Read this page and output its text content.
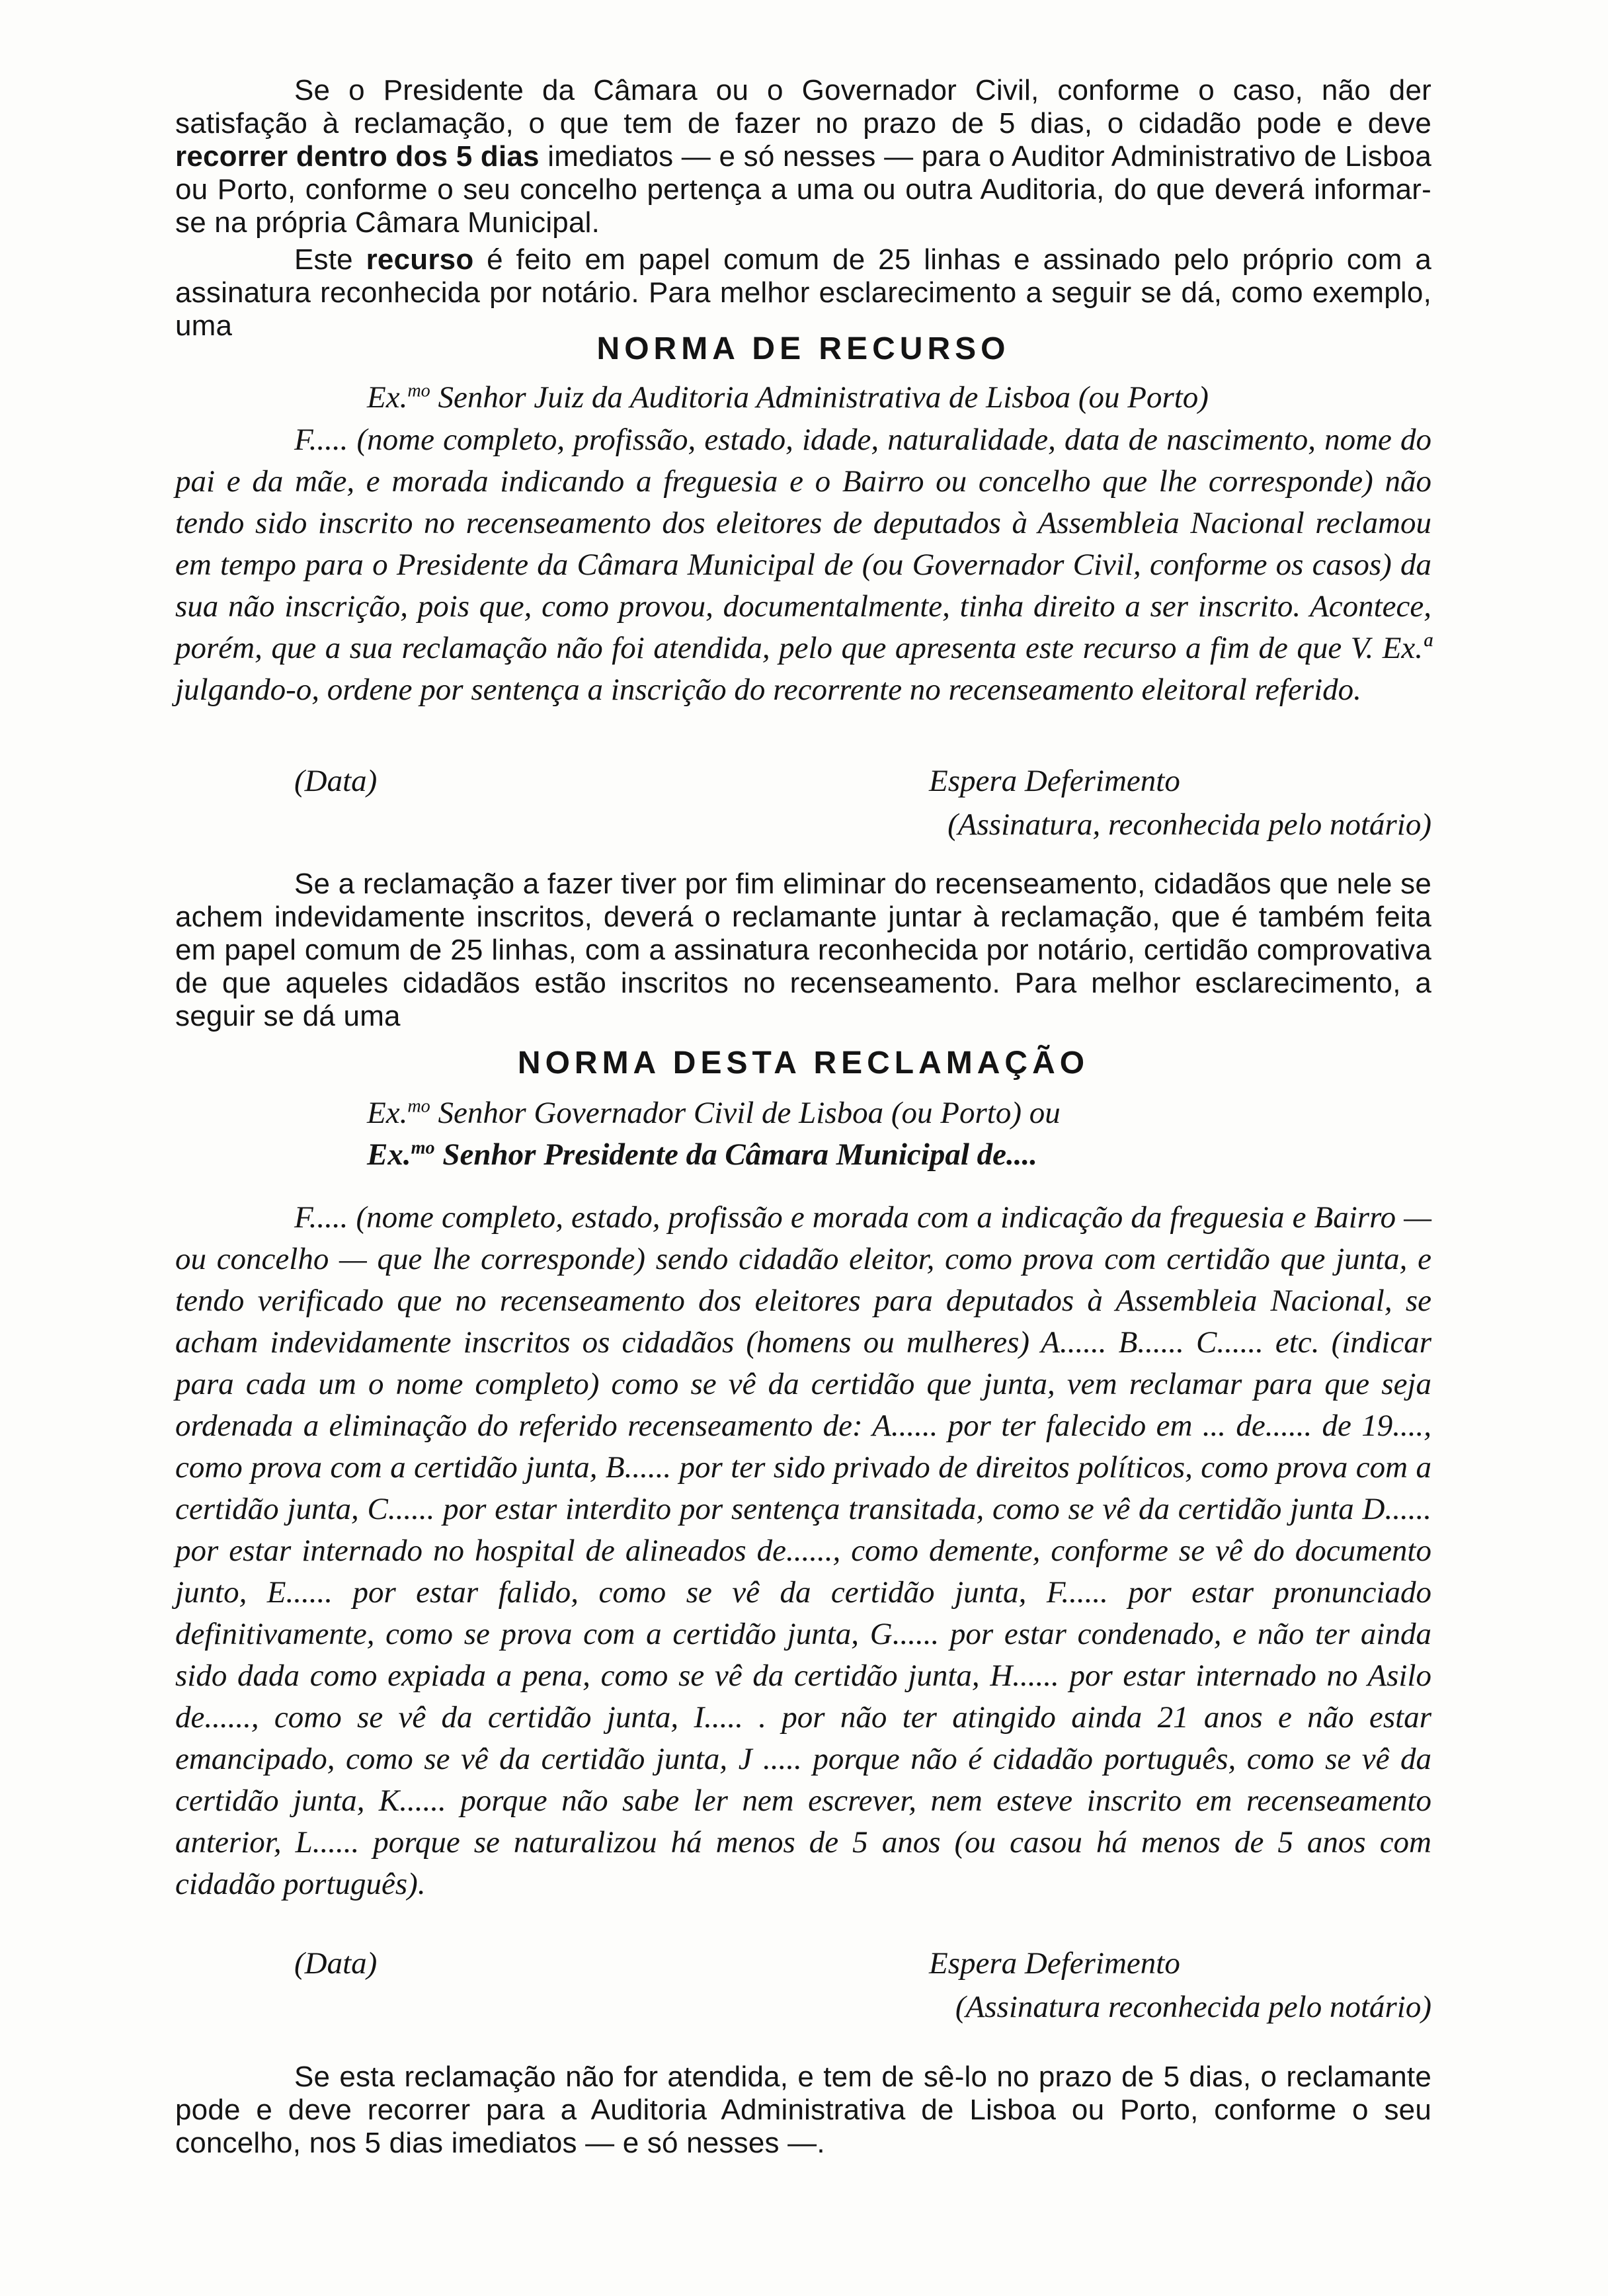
Se o Presidente da Câmara ou o Governador Civil, conforme o caso, não der satisfação à reclamação, o que tem de fazer no prazo de 5 dias, o cidadão pode e deve recorrer dentro dos 5 dias imediatos — e só nesses — para o Auditor Administrativo de Lisboa ou Porto, conforme o seu concelho pertença a uma ou outra Auditoria, do que deverá informar-se na própria Câmara Municipal.

Este recurso é feito em papel comum de 25 linhas e assinado pelo próprio com a assinatura reconhecida por notário. Para melhor esclarecimento a seguir se dá, como exemplo, uma

NORMA DE RECURSO

Ex.$^{mo}$ Senhor Juiz da Auditoria Administrativa de Lisboa (ou Porto)

F..... (nome completo, profissão, estado, idade, naturalidade, data de nascimento, nome do pai e da mãe, e morada indicando a freguesia e o Bairro ou concelho que lhe corresponde) não tendo sido inscrito no recenseamento dos eleitores de deputados à Assembleia Nacional reclamou em tempo para o Presidente da Câmara Municipal de (ou Governador Civil, conforme os casos) da sua não inscrição, pois que, como provou, documentalmente, tinha direito a ser inscrito. Acontece, porém, que a sua reclamação não foi atendida, pelo que apresenta este recurso a fim de que V. Ex.ª julgando-o, ordene por sentença a inscrição do recorrente no recenseamento eleitoral referido.

(Data)	Espera Deferimento
(Assinatura, reconhecida pelo notário)

Se a reclamação a fazer tiver por fim eliminar do recenseamento, cidadãos que nele se achem indevidamente inscritos, deverá o reclamante juntar à reclamação, que é também feita em papel comum de 25 linhas, com a assinatura reconhecida por notário, certidão comprovativa de que aqueles cidadãos estão inscritos no recenseamento. Para melhor esclarecimento, a seguir se dá uma

NORMA DESTA RECLAMAÇÃO

Ex.$^{mo}$ Senhor Governador Civil de Lisboa (ou Porto) ou
Ex.$^{mo}$ Senhor Presidente da Câmara Municipal de....

F..... (nome completo, estado, profissão e morada com a indicação da freguesia e Bairro — ou concelho — que lhe corresponde) sendo cidadão eleitor, como prova com certidão que junta, e tendo verificado que no recenseamento dos eleitores para deputados à Assembleia Nacional, se acham indevidamente inscritos os cidadãos (homens ou mulheres) A...... B...... C...... etc. (indicar para cada um o nome completo) como se vê da certidão que junta, vem reclamar para que seja ordenada a eliminação do referido recenseamento de: A...... por ter falecido em ... de...... de 19...., como prova com a certidão junta, B...... por ter sido privado de direitos políticos, como prova com a certidão junta, C...... por estar interdito por sentença transitada, como se vê da certidão junta D...... por estar internado no hospital de alineados de......, como demente, conforme se vê do documento junto, E...... por estar falido, como se vê da certidão junta, F...... por estar pronunciado definitivamente, como se prova com a certidão junta, G...... por estar condenado, e não ter ainda sido dada como expiada a pena, como se vê da certidão junta, H...... por estar internado no Asilo de......, como se vê da certidão junta, I..... . por não ter atingido ainda 21 anos e não estar emancipado, como se vê da certidão junta, J ..... porque não é cidadão português, como se vê da certidão junta, K...... porque não sabe ler nem escrever, nem esteve inscrito em recenseamento anterior, L...... porque se naturalizou há menos de 5 anos (ou casou há menos de 5 anos com cidadão português).

(Data)	Espera Deferimento
(Assinatura reconhecida pelo notário)

Se esta reclamação não for atendida, e tem de sê-lo no prazo de 5 dias, o reclamante pode e deve recorrer para a Auditoria Administrativa de Lisboa ou Porto, conforme o seu concelho, nos 5 dias imediatos — e só nesses —.
